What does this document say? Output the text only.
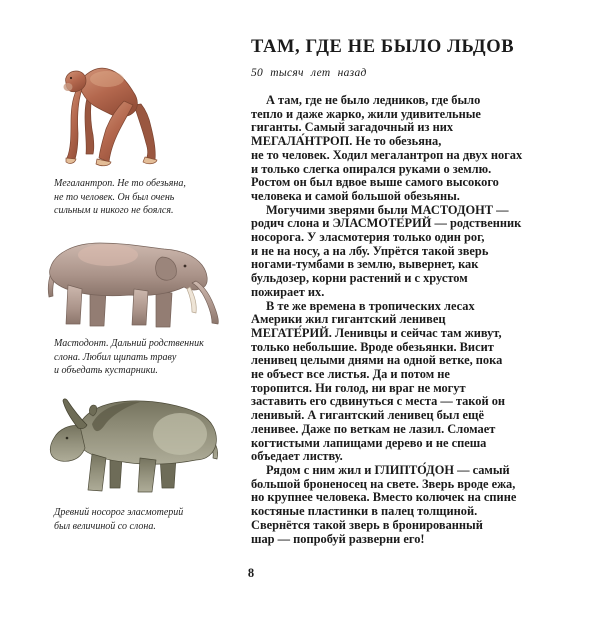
Мегалантроп. Не то обезьяна,
не то человек. Он был очень
сильным и никого не боялся.
Мастодонт. Дальний родственник
слона. Любил щипать траву
и объедать кустарники.
Древний носорог эласмотерий
был величиной со слона.
ТАМ, ГДЕ НЕ БЫЛО ЛЬДОВ
50 тысяч лет назад
А там, где не было ледников, где было
тепло и даже жарко, жили удивительные
гиганты. Самый загадочный из них
МЕГАЛА́НТРОП. Не то обезьяна,
не то человек. Ходил мегалантроп на двух ногах
и только слегка опирался руками о землю.
Ростом он был вдвое выше самого высокого
человека и самой большой обезьяны.
Могучими зверями были МАСТОДОНТ —
родич слона и ЭЛАСМОТЕ́РИЙ — родственник
носорога. У эласмотерия только один рог,
и не на носу, а на лбу. Упрётся такой зверь
ногами-тумбами в землю, вывернет, как
бульдозер, корни растений и с хрустом
пожирает их.
В те же времена в тропических лесах
Америки жил гигантский ленивец
МЕГАТЕ́РИЙ. Ленивцы и сейчас там живут,
только небольшие. Вроде обезьянки. Висит
ленивец целыми днями на одной ветке, пока
не объест все листья. Да и потом не
торопится. Ни голод, ни враг не могут
заставить его сдвинуться с места — такой он
ленивый. А гигантский ленивец был ещё
ленивее. Даже по веткам не лазил. Сломает
когтистыми лапищами дерево и не спеша
объедает листву.
Рядом с ним жил и ГЛИПТО́ДОН — самый
большой броненосец на свете. Зверь вроде ежа,
но крупнее человека. Вместо колючек на спине
костяные пластинки в палец толщиной.
Свернётся такой зверь в бронированный
шар — попробуй разверни его!
8
